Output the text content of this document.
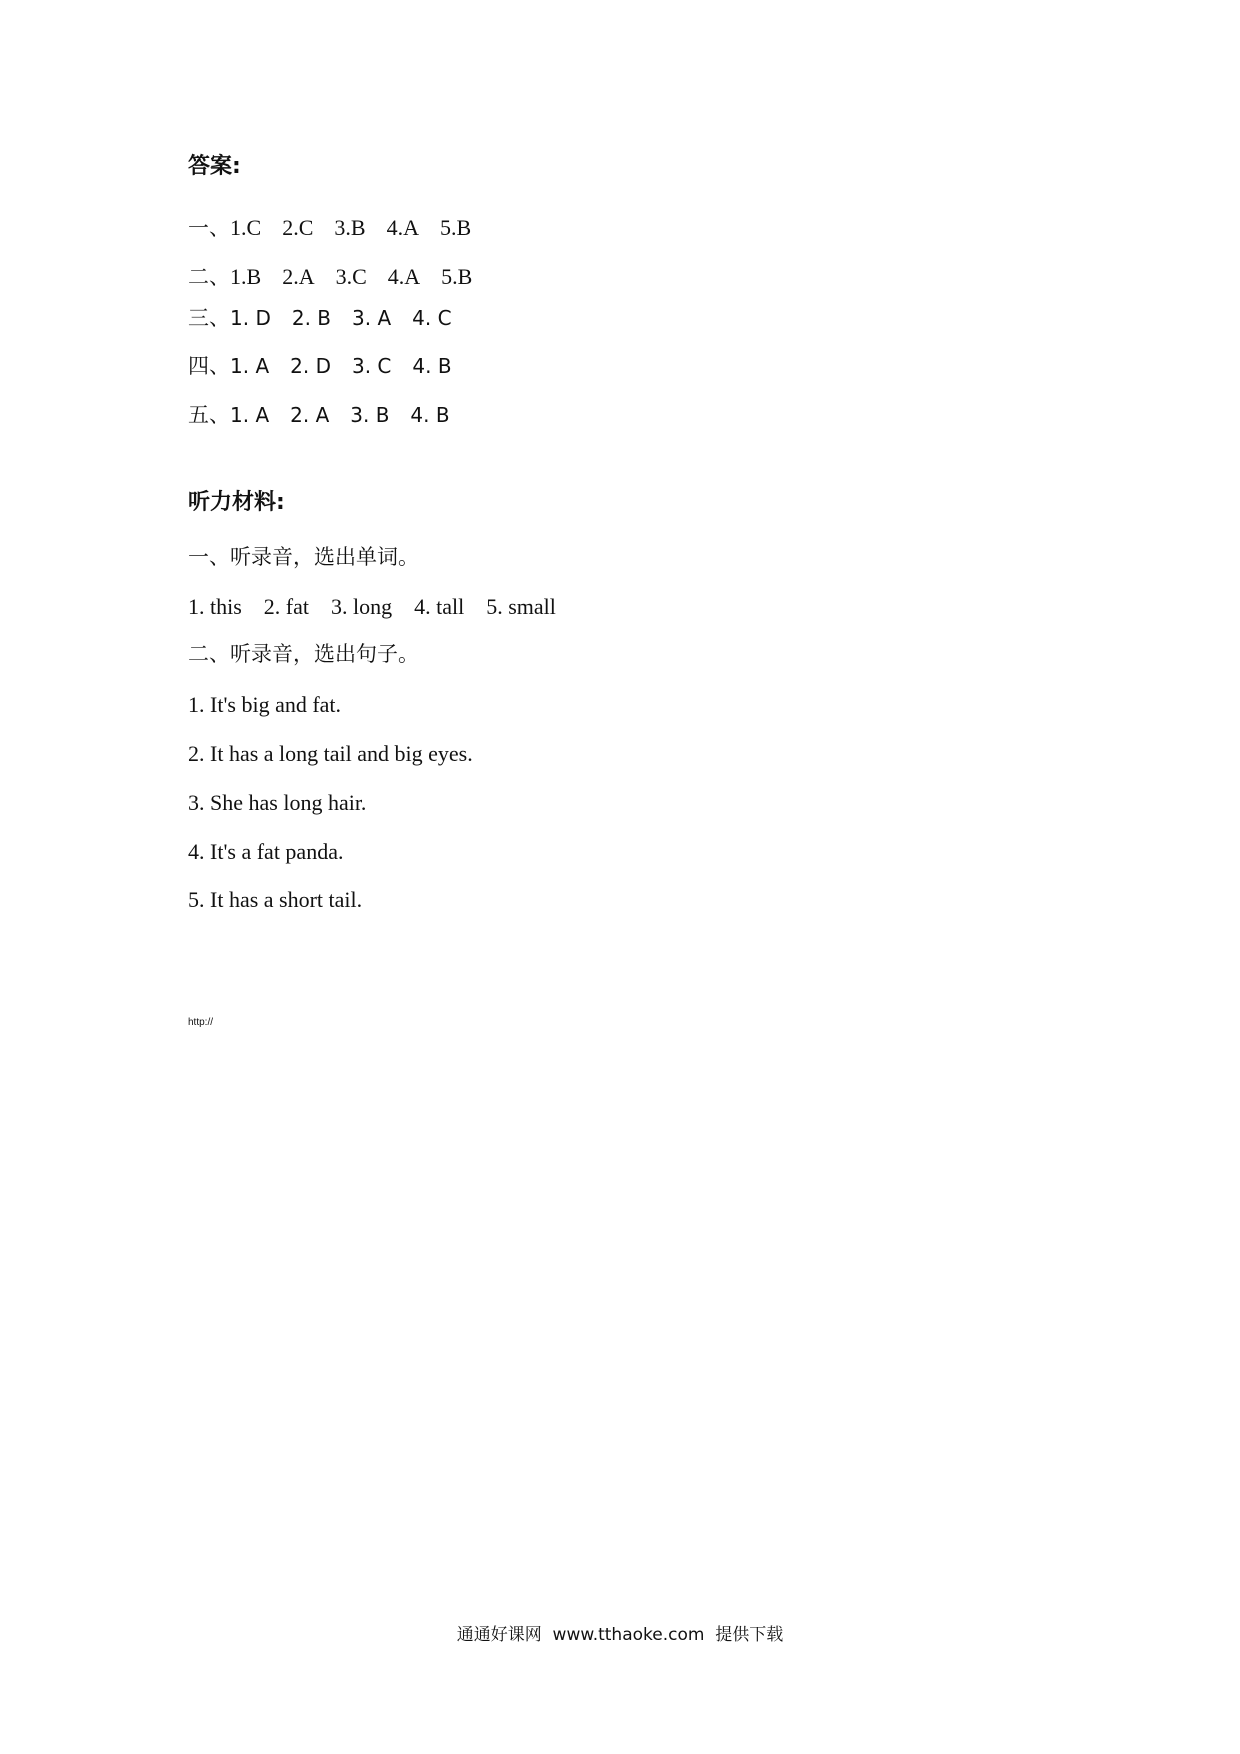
答案:
一、 1.C 2.C 3.B 4.A 5.B
二、 1.B 2.A 3.C 4.A 5.B
三、 1. D 2. B 3. A 4. C
四、 1. A 2. D 3. C 4. B
五、 1. A 2. A 3. B 4. B
听力材料:
一、听录音，选出单词。
1. this    2. fat    3. long    4. tall    5. small
二、听录音，选出句子。
1. It's big and fat.
2. It has a long tail and big eyes.
3. She has long hair.
4. It's a fat panda.
5. It has a short tail.
http://
通通好课网  www.tthaoke.com  提供下载
